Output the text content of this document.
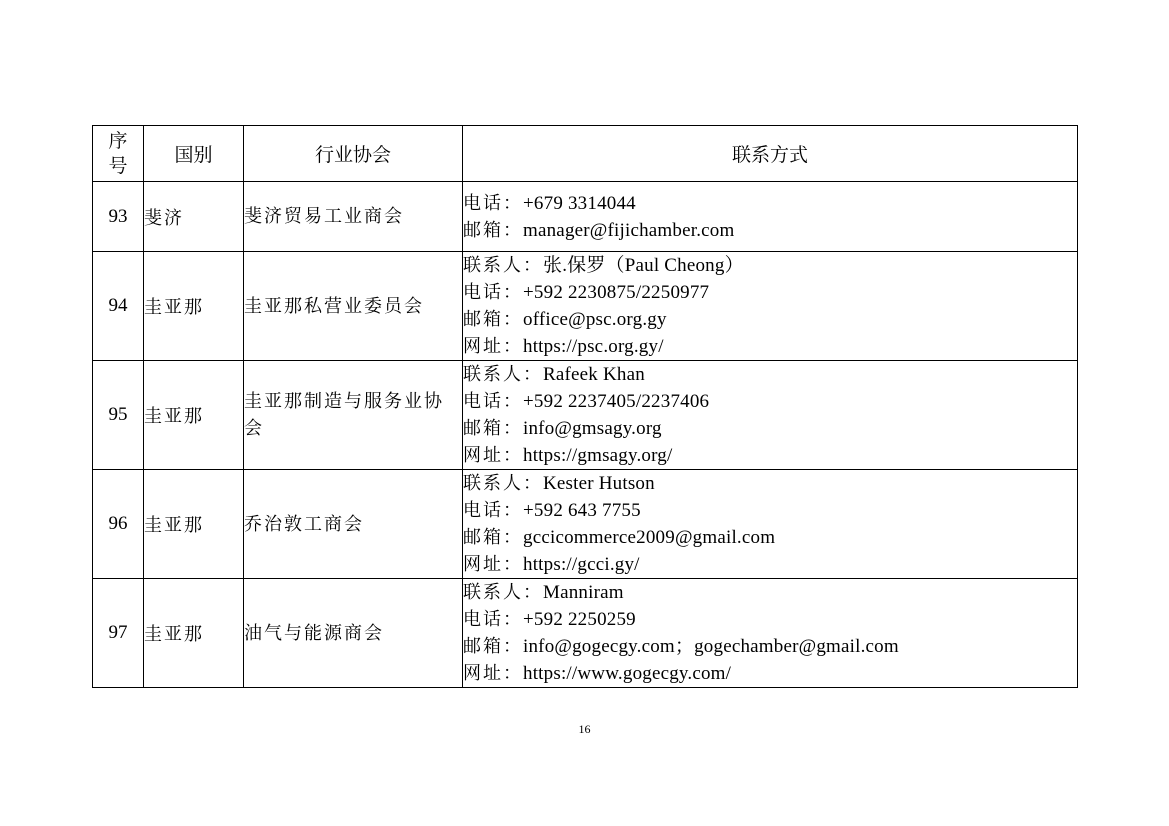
序
号	国别	行业协会	联系方式
93	斐济	斐济贸易工业商会	电话：+679 3314044
邮箱：manager@fijichamber.com

94	圭亚那	圭亚那私营业委员会	联系人：张.保罗（Paul Cheong）
电话：+592 2230875/2250977
邮箱：office@psc.org.gy
网址：https://psc.org.gy/

95	圭亚那	圭亚那制造与服务业协会	联系人：Rafeek Khan
电话：+592 2237405/2237406
邮箱：info@gmsagy.org
网址：https://gmsagy.org/

96	圭亚那	乔治敦工商会	联系人：Kester Hutson
电话：+592 643 7755
邮箱：gccicommerce2009@gmail.com
网址：https://gcci.gy/

97	圭亚那	油气与能源商会	联系人：Manniram
电话：+592 2250259
邮箱：info@gogecgy.com；gogechamber@gmail.com
网址：https://www.gogecgy.com/
16
